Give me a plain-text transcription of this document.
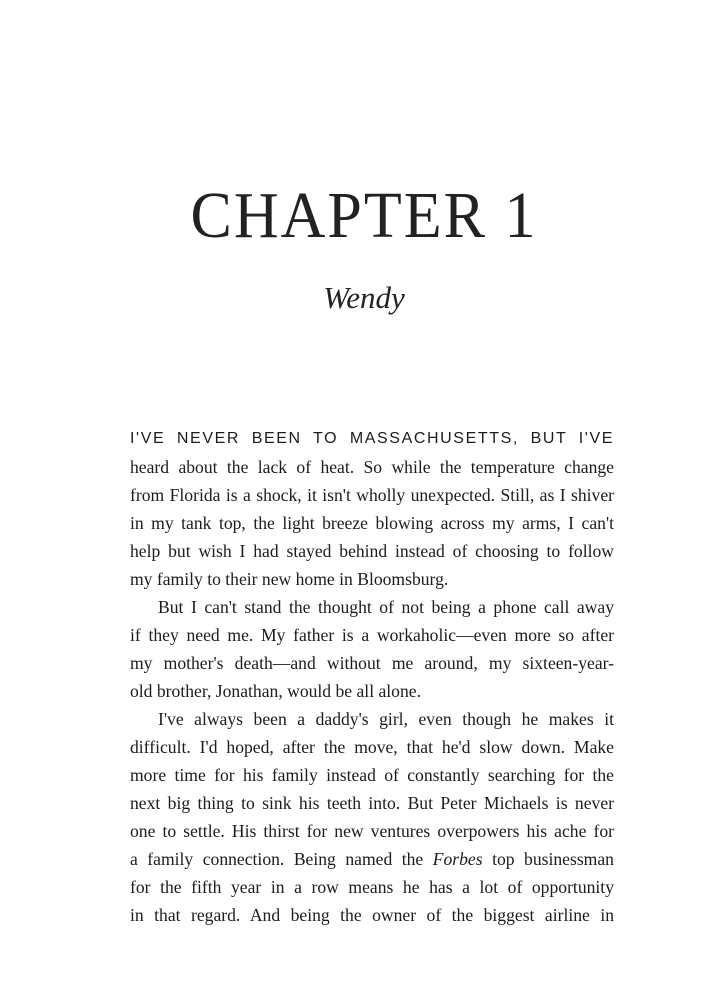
CHAPTER 1
Wendy
I'VE NEVER BEEN TO MASSACHUSETTS, BUT I'VE
heard about the lack of heat. So while the temperature change
from Florida is a shock, it isn't wholly unexpected. Still, as I shiver
in my tank top, the light breeze blowing across my arms, I can't
help but wish I had stayed behind instead of choosing to follow
my family to their new home in Bloomsburg.
But I can't stand the thought of not being a phone call away
if they need me. My father is a workaholic—even more so after
my mother's death—and without me around, my sixteen-year-
old brother, Jonathan, would be all alone.
I've always been a daddy's girl, even though he makes it
difficult. I'd hoped, after the move, that he'd slow down. Make
more time for his family instead of constantly searching for the
next big thing to sink his teeth into. But Peter Michaels is never
one to settle. His thirst for new ventures overpowers his ache for
a family connection. Being named the Forbes top businessman
for the fifth year in a row means he has a lot of opportunity
in that regard. And being the owner of the biggest airline in
